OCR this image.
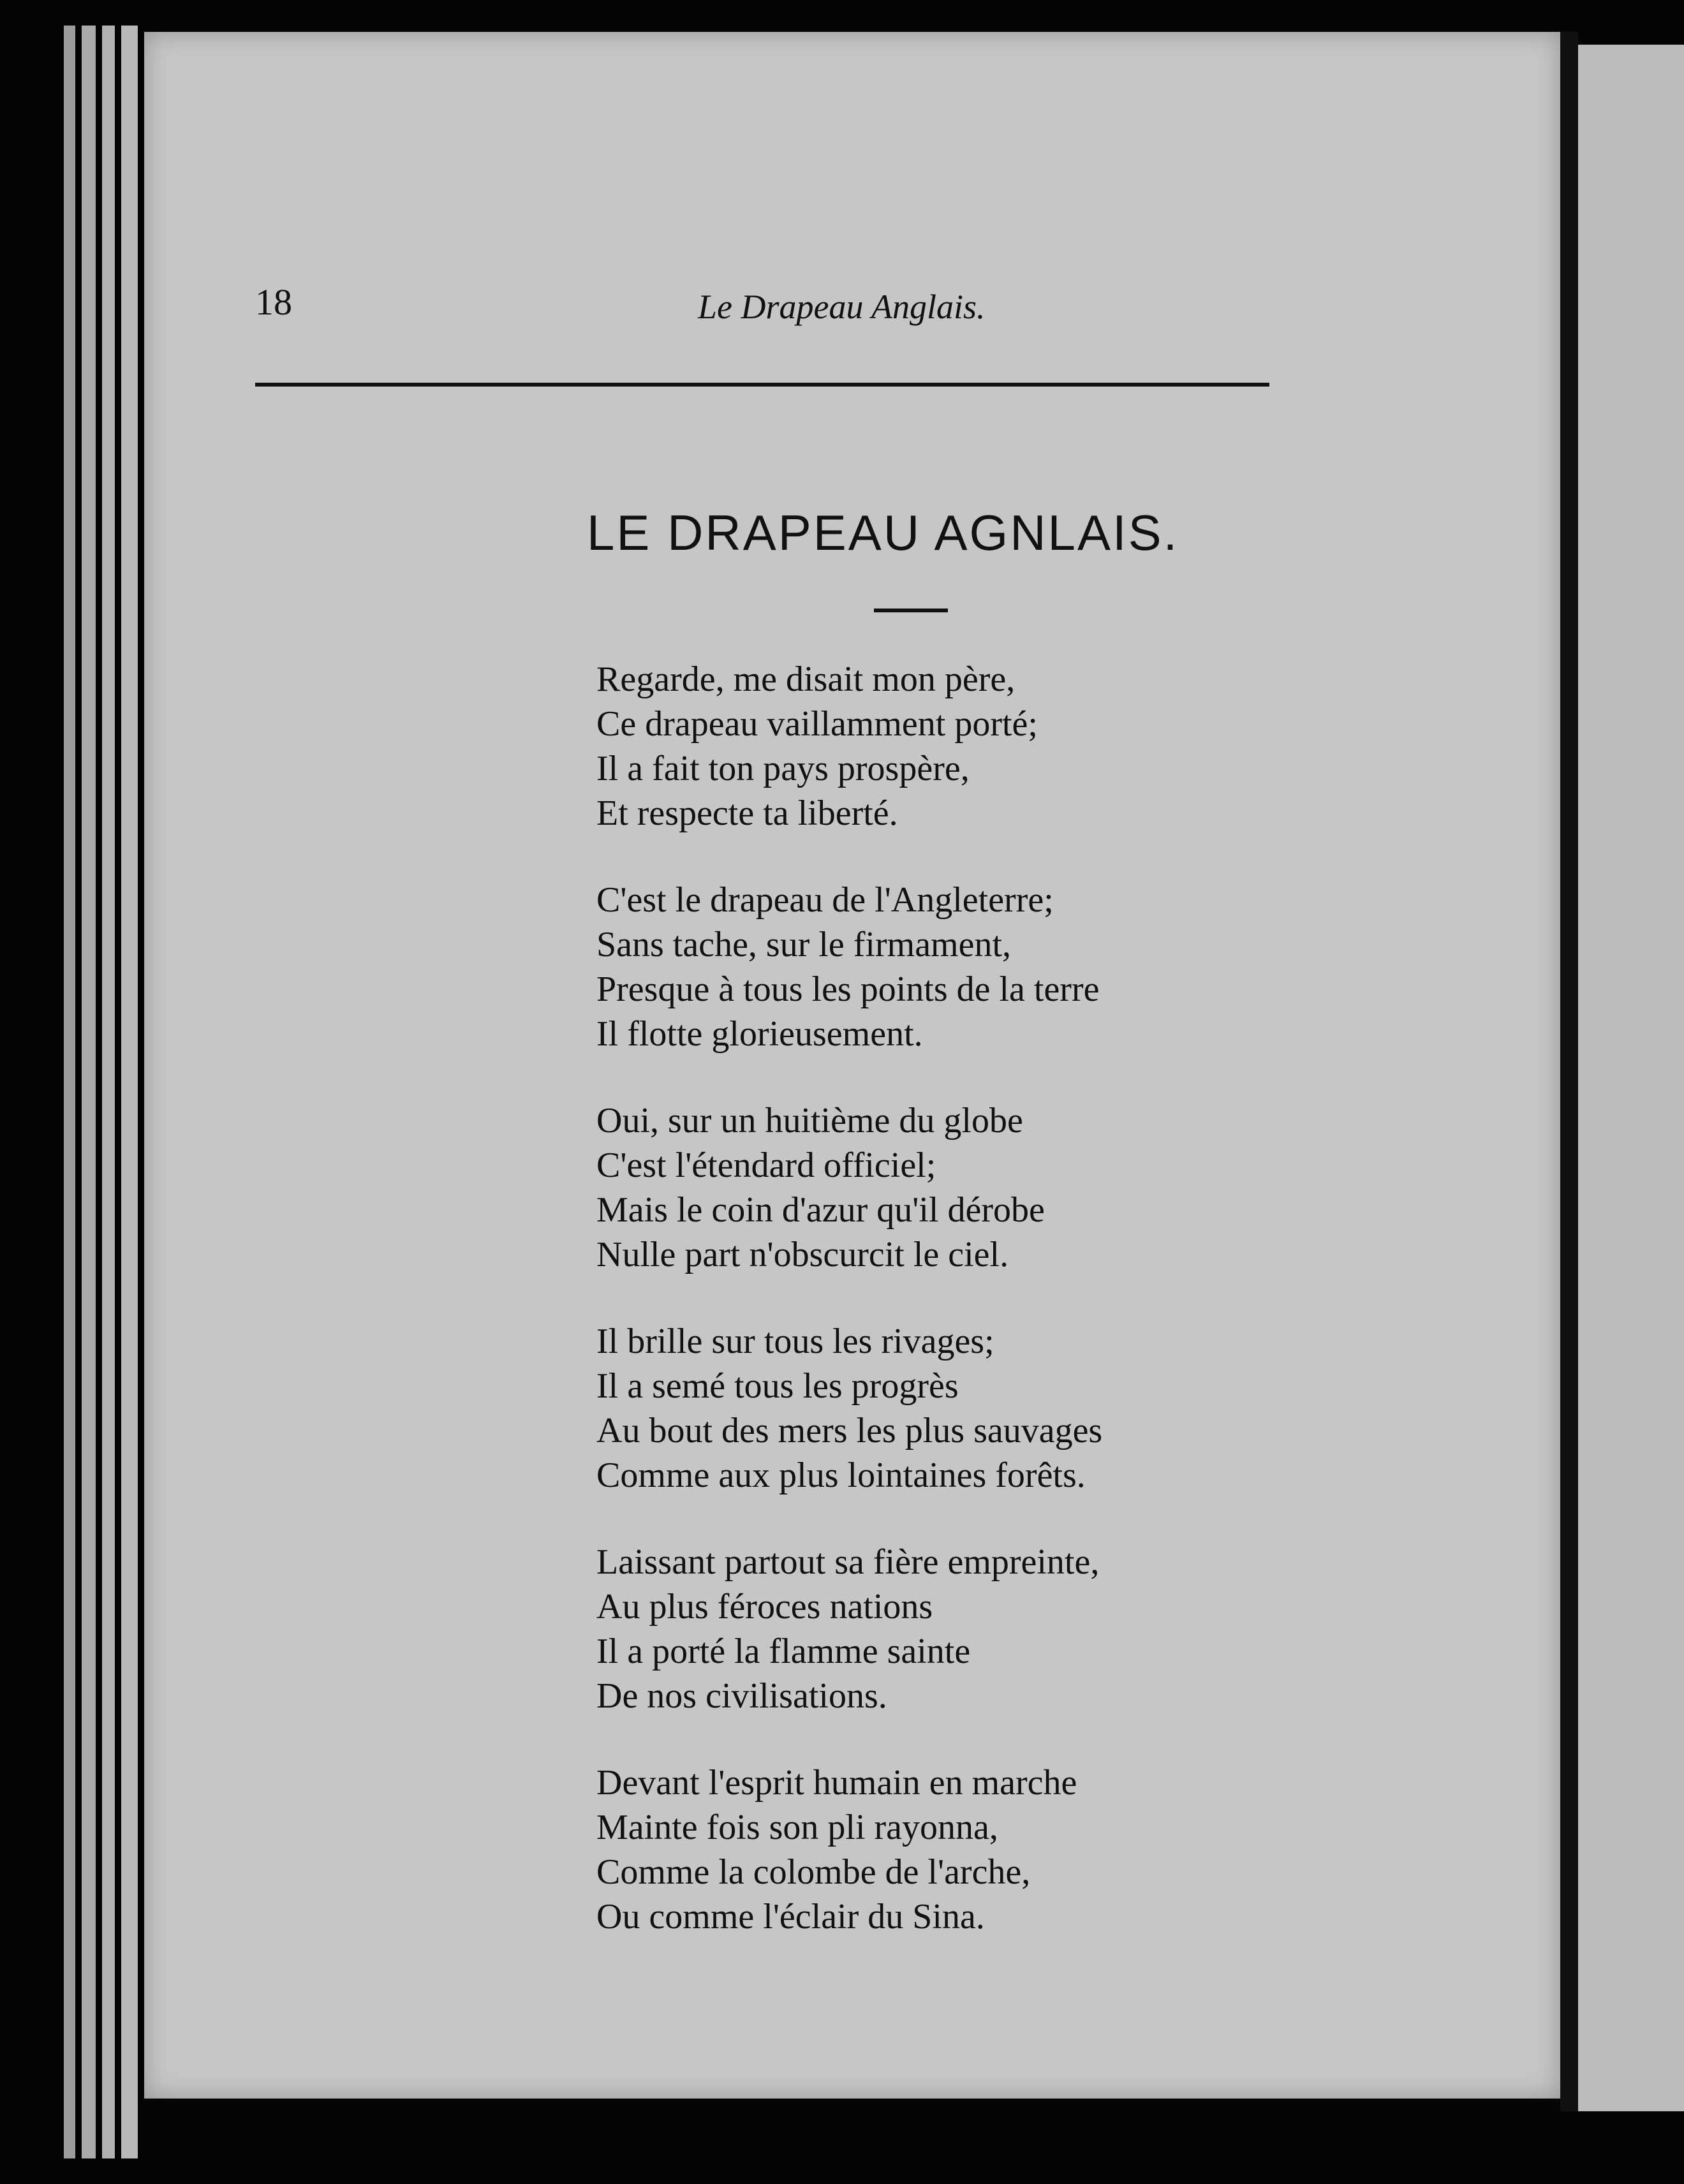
18	Le Drapeau Anglais.
LE DRAPEAU AGNLAIS.
Regarde, me disait mon père,
Ce drapeau vaillamment porté;
Il a fait ton pays prospère,
Et respecte ta liberté.
C'est le drapeau de l'Angleterre;
Sans tache, sur le firmament,
Presque à tous les points de la terre
Il flotte glorieusement.
Oui, sur un huitième du globe
C'est l'étendard officiel;
Mais le coin d'azur qu'il dérobe
Nulle part n'obscurcit le ciel.
Il brille sur tous les rivages;
Il a semé tous les progrès
Au bout des mers les plus sauvages
Comme aux plus lointaines forêts.
Laissant partout sa fière empreinte,
Au plus féroces nations
Il a porté la flamme sainte
De nos civilisations.
Devant l'esprit humain en marche
Mainte fois son pli rayonna,
Comme la colombe de l'arche,
Ou comme l'éclair du Sina.
